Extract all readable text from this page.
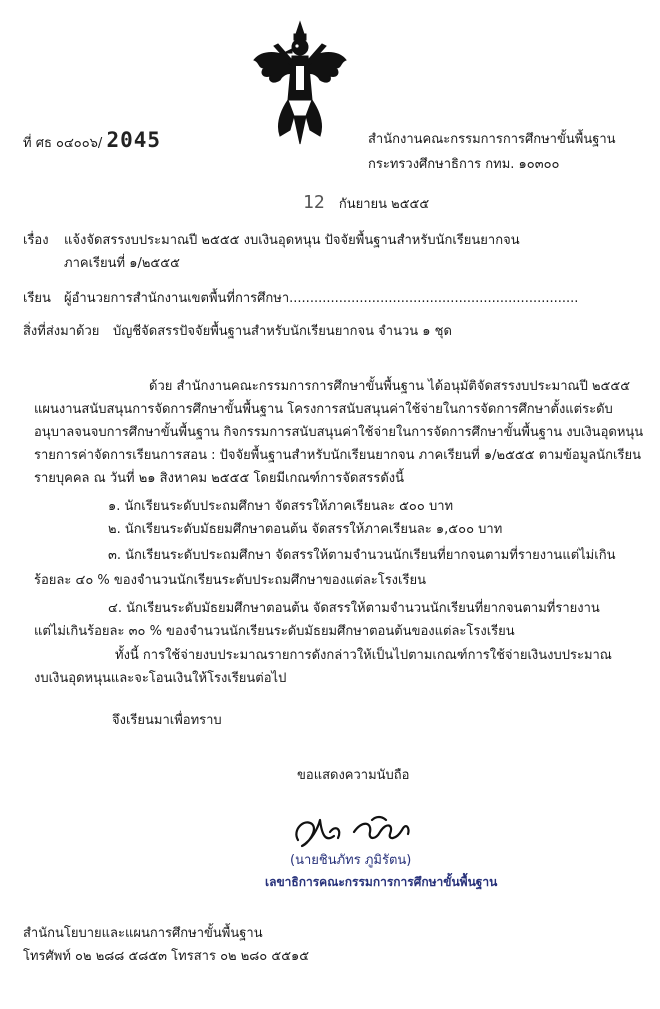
ที่ ศธ ๐๔๐๐๖/ 2045	สำนักงานคณะกรรมการการศึกษาขั้นพื้นฐาน
กระทรวงศึกษาธิการ กทม. ๑๐๓๐๐
12 กันยายน ๒๕๕๕
เรื่อง แจ้งจัดสรรงบประมาณปี ๒๕๕๕ งบเงินอุดหนุน ปัจจัยพื้นฐานสำหรับนักเรียนยากจน
ภาคเรียนที่ ๑/๒๕๕๕
เรียน ผู้อำนวยการสำนักงานเขตพื้นที่การศึกษา......................................................................
สิ่งที่ส่งมาด้วย บัญชีจัดสรรปัจจัยพื้นฐานสำหรับนักเรียนยากจน จำนวน ๑ ชุด
ด้วย สำนักงานคณะกรรมการการศึกษาขั้นพื้นฐาน ได้อนุมัติจัดสรรงบประมาณปี ๒๕๕๕
แผนงานสนับสนุนการจัดการศึกษาขั้นพื้นฐาน โครงการสนับสนุนค่าใช้จ่ายในการจัดการศึกษาตั้งแต่ระดับ
อนุบาลจนจบการศึกษาขั้นพื้นฐาน กิจกรรมการสนับสนุนค่าใช้จ่ายในการจัดการศึกษาขั้นพื้นฐาน งบเงินอุดหนุน
รายการค่าจัดการเรียนการสอน : ปัจจัยพื้นฐานสำหรับนักเรียนยากจน ภาคเรียนที่ ๑/๒๕๕๕ ตามข้อมูลนักเรียน
รายบุคคล ณ วันที่ ๒๑ สิงหาคม ๒๕๕๕ โดยมีเกณฑ์การจัดสรรดังนี้
๑. นักเรียนระดับประถมศึกษา จัดสรรให้ภาคเรียนละ ๕๐๐ บาท
๒. นักเรียนระดับมัธยมศึกษาตอนต้น จัดสรรให้ภาคเรียนละ ๑,๕๐๐ บาท
๓. นักเรียนระดับประถมศึกษา จัดสรรให้ตามจำนวนนักเรียนที่ยากจนตามที่รายงานแต่ไม่เกิน
ร้อยละ ๔๐ % ของจำนวนนักเรียนระดับประถมศึกษาของแต่ละโรงเรียน
๔. นักเรียนระดับมัธยมศึกษาตอนต้น จัดสรรให้ตามจำนวนนักเรียนที่ยากจนตามที่รายงาน
แต่ไม่เกินร้อยละ ๓๐ % ของจำนวนนักเรียนระดับมัธยมศึกษาตอนต้นของแต่ละโรงเรียน
ทั้งนี้ การใช้จ่ายงบประมาณรายการดังกล่าวให้เป็นไปตามเกณฑ์การใช้จ่ายเงินงบประมาณ
งบเงินอุดหนุนและจะโอนเงินให้โรงเรียนต่อไป
จึงเรียนมาเพื่อทราบ
ขอแสดงความนับถือ
(นายชินภัทร ภูมิรัตน)
เลขาธิการคณะกรรมการการศึกษาขั้นพื้นฐาน
สำนักนโยบายและแผนการศึกษาขั้นพื้นฐาน
โทรศัพท์ ๐๒ ๒๘๘ ๕๘๕๓ โทรสาร ๐๒ ๒๘๐ ๕๕๑๕
